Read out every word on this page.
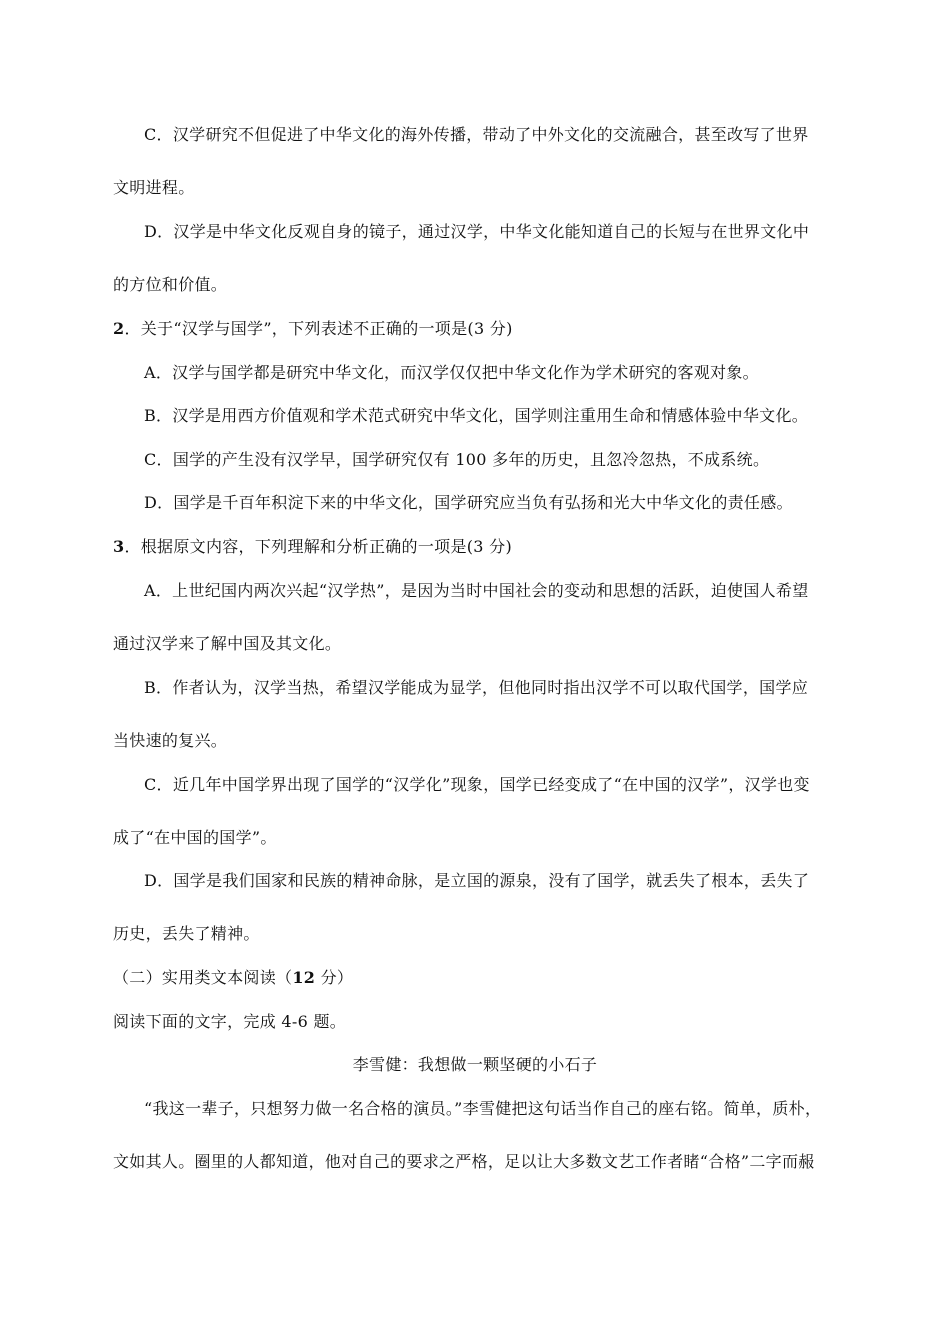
C．汉学研究不但促进了中华文化的海外传播，带动了中外文化的交流融合，甚至改写了世界
文明进程。
D．汉学是中华文化反观自身的镜子，通过汉学，中华文化能知道自己的长短与在世界文化中
的方位和价值。
2．关于“汉学与国学”，下列表述不正确的一项是(3 分)
A．汉学与国学都是研究中华文化，而汉学仅仅把中华文化作为学术研究的客观对象。
B．汉学是用西方价值观和学术范式研究中华文化，国学则注重用生命和情感体验中华文化。
C．国学的产生没有汉学早，国学研究仅有 100 多年的历史，且忽冷忽热，不成系统。
D．国学是千百年积淀下来的中华文化，国学研究应当负有弘扬和光大中华文化的责任感。
3．根据原文内容，下列理解和分析正确的一项是(3 分)
A．上世纪国内两次兴起“汉学热”，是因为当时中国社会的变动和思想的活跃，迫使国人希望
通过汉学来了解中国及其文化。
B．作者认为，汉学当热，希望汉学能成为显学，但他同时指出汉学不可以取代国学，国学应
当快速的复兴。
C．近几年中国学界出现了国学的“汉学化”现象，国学已经变成了“在中国的汉学”，汉学也变
成了“在中国的国学”。
D．国学是我们国家和民族的精神命脉，是立国的源泉，没有了国学，就丢失了根本，丢失了
历史，丢失了精神。
（二）实用类文本阅读（12 分）
阅读下面的文字，完成 4-6 题。
李雪健：我想做一颗坚硬的小石子
“我这一辈子，只想努力做一名合格的演员。”李雪健把这句话当作自己的座右铭。简单，质朴，
文如其人。圈里的人都知道，他对自己的要求之严格，足以让大多数文艺工作者睹“合格”二字而赧
